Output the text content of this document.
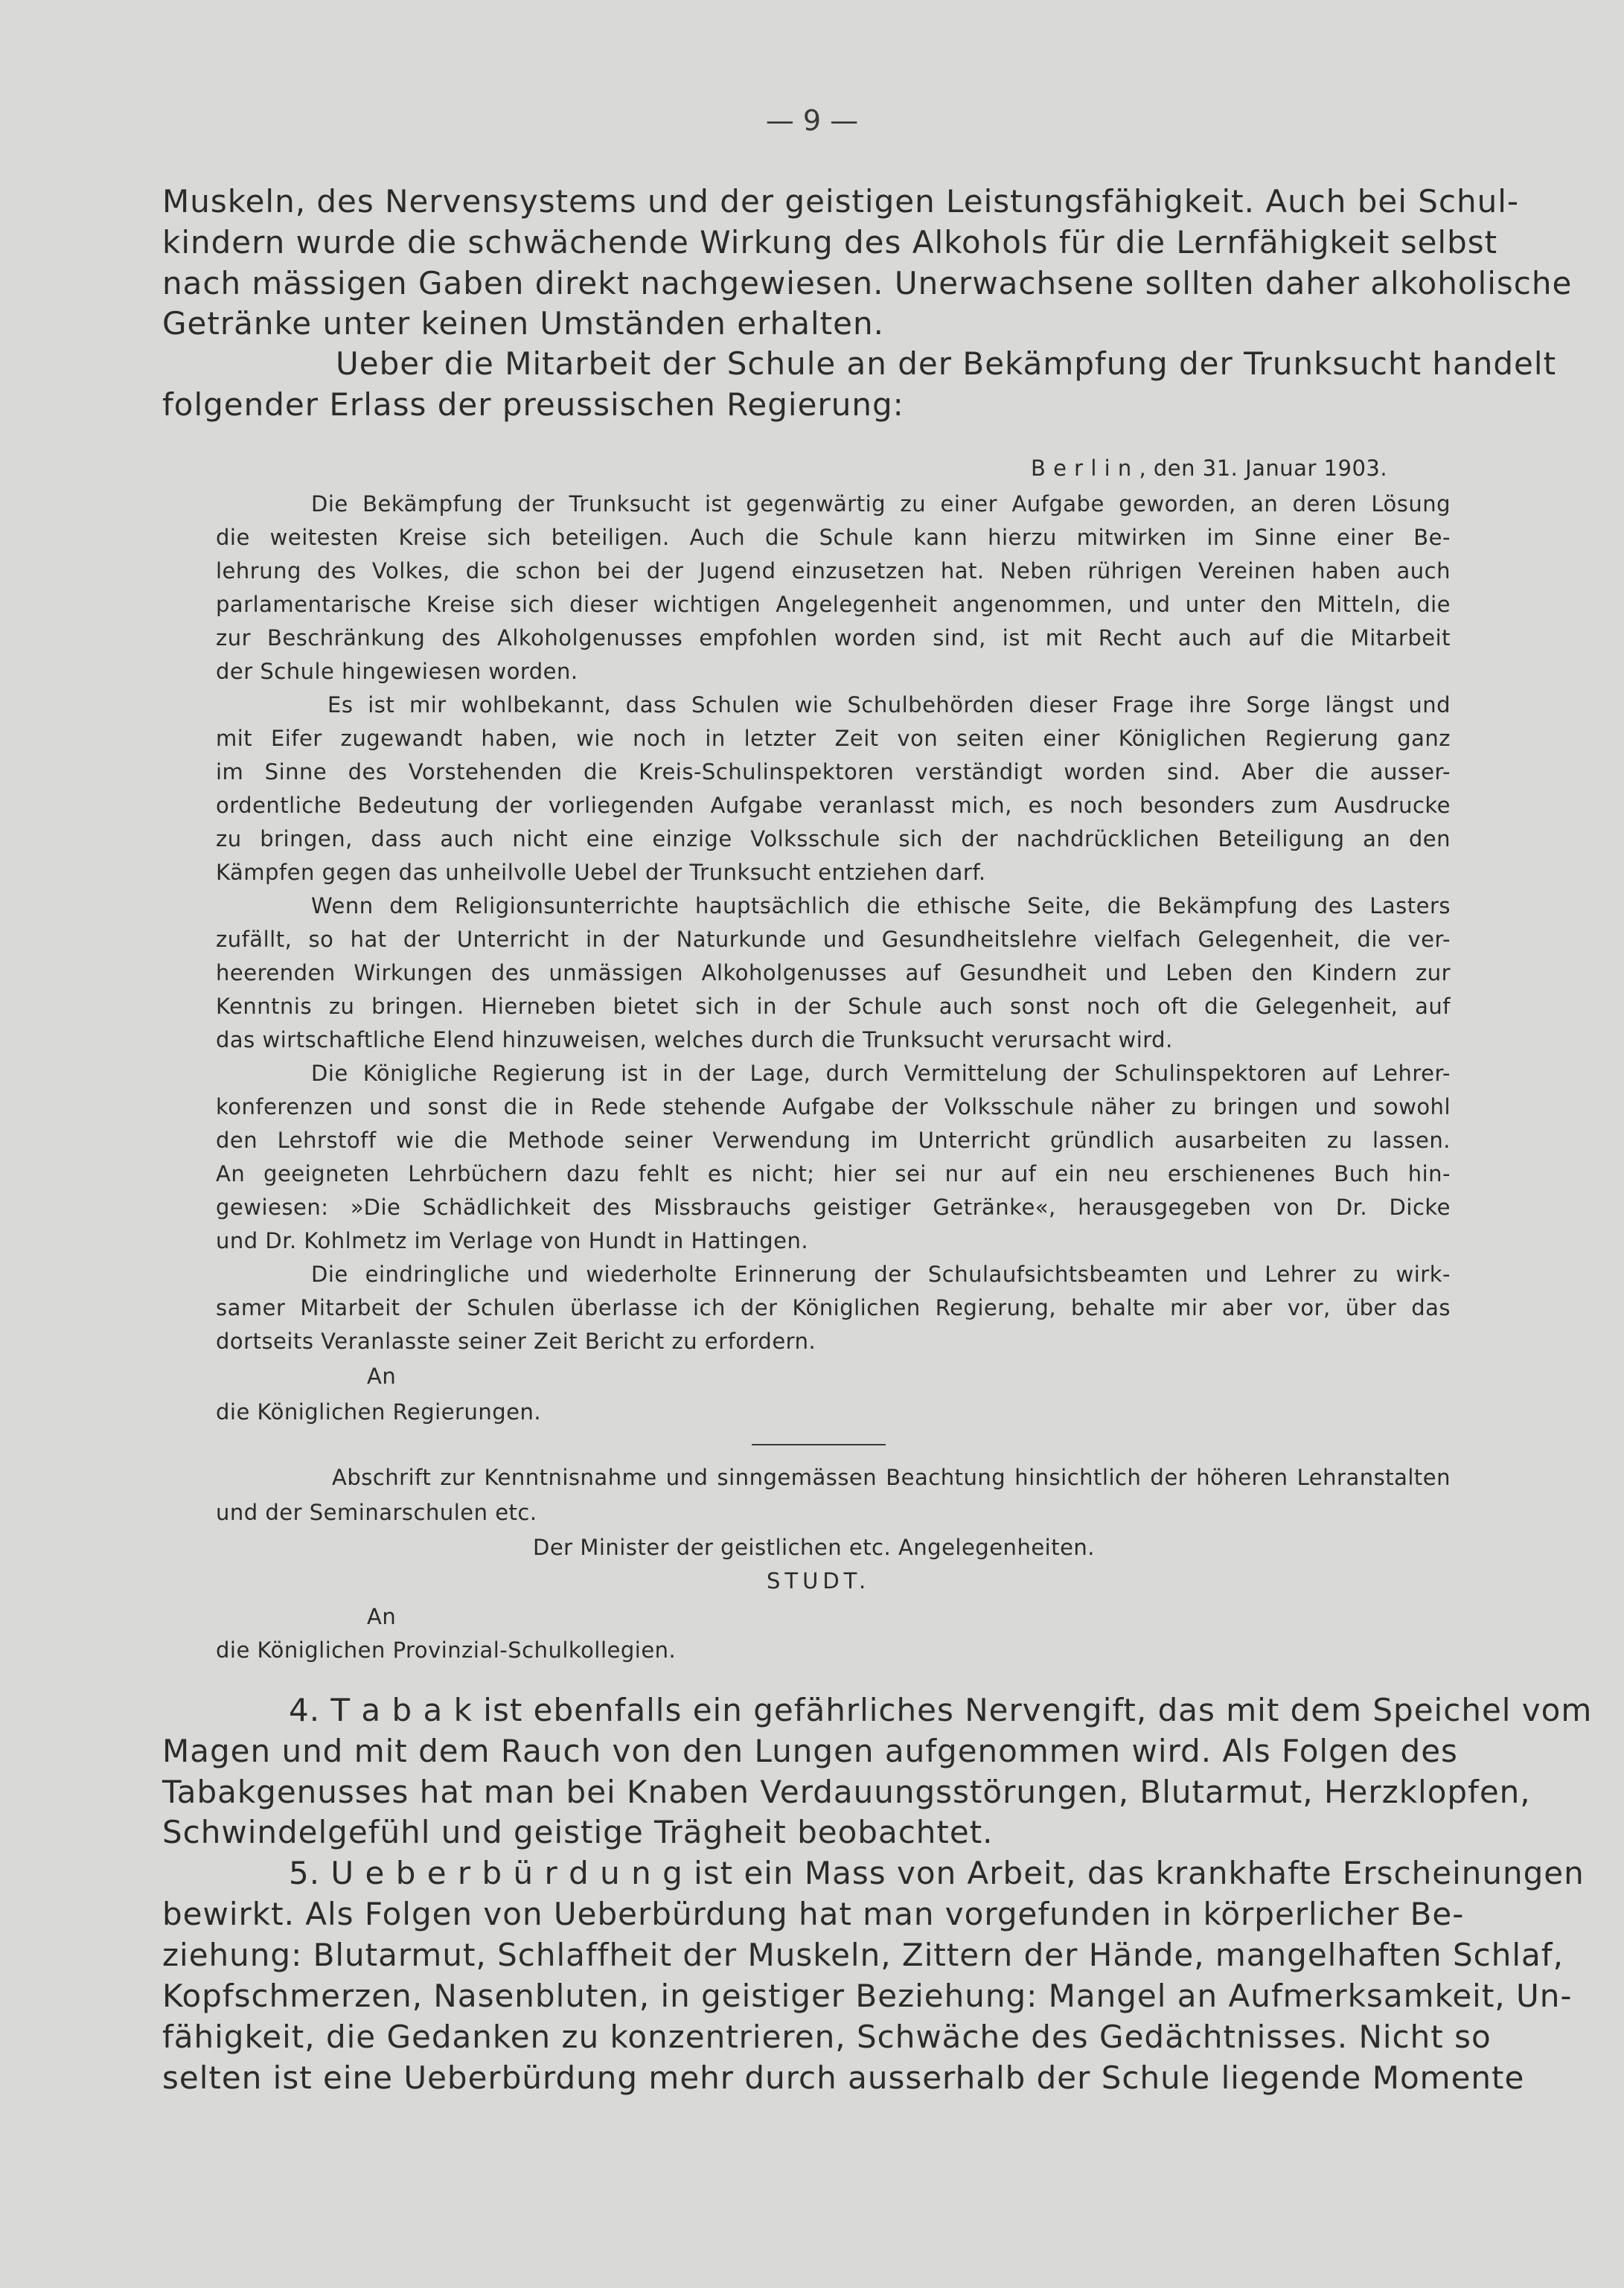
— 9 —
Muskeln, des Nervensystems und der geistigen Leistungsfähigkeit. Auch bei Schul-
kindern wurde die schwächende Wirkung des Alkohols für die Lernfähigkeit selbst
nach mässigen Gaben direkt nachgewiesen. Unerwachsene sollten daher alkoholische
Getränke unter keinen Umständen erhalten.
Ueber die Mitarbeit der Schule an der Bekämpfung der Trunksucht handelt
folgender Erlass der preussischen Regierung:
B e r l i n , den 31. Januar 1903.
Die Bekämpfung der Trunksucht ist gegenwärtig zu einer Aufgabe geworden, an deren Lösung
die weitesten Kreise sich beteiligen. Auch die Schule kann hierzu mitwirken im Sinne einer Be-
lehrung des Volkes, die schon bei der Jugend einzusetzen hat. Neben rührigen Vereinen haben auch
parlamentarische Kreise sich dieser wichtigen Angelegenheit angenommen, und unter den Mitteln, die
zur Beschränkung des Alkoholgenusses empfohlen worden sind, ist mit Recht auch auf die Mitarbeit
der Schule hingewiesen worden.
Es ist mir wohlbekannt, dass Schulen wie Schulbehörden dieser Frage ihre Sorge längst und
mit Eifer zugewandt haben, wie noch in letzter Zeit von seiten einer Königlichen Regierung ganz
im Sinne des Vorstehenden die Kreis-Schulinspektoren verständigt worden sind. Aber die ausser-
ordentliche Bedeutung der vorliegenden Aufgabe veranlasst mich, es noch besonders zum Ausdrucke
zu bringen, dass auch nicht eine einzige Volksschule sich der nachdrücklichen Beteiligung an den
Kämpfen gegen das unheilvolle Uebel der Trunksucht entziehen darf.
Wenn dem Religionsunterrichte hauptsächlich die ethische Seite, die Bekämpfung des Lasters
zufällt, so hat der Unterricht in der Naturkunde und Gesundheitslehre vielfach Gelegenheit, die ver-
heerenden Wirkungen des unmässigen Alkoholgenusses auf Gesundheit und Leben den Kindern zur
Kenntnis zu bringen. Hierneben bietet sich in der Schule auch sonst noch oft die Gelegenheit, auf
das wirtschaftliche Elend hinzuweisen, welches durch die Trunksucht verursacht wird.
Die Königliche Regierung ist in der Lage, durch Vermittelung der Schulinspektoren auf Lehrer-
konferenzen und sonst die in Rede stehende Aufgabe der Volksschule näher zu bringen und sowohl
den Lehrstoff wie die Methode seiner Verwendung im Unterricht gründlich ausarbeiten zu lassen.
An geeigneten Lehrbüchern dazu fehlt es nicht; hier sei nur auf ein neu erschienenes Buch hin-
gewiesen: »Die Schädlichkeit des Missbrauchs geistiger Getränke«, herausgegeben von Dr. Dicke
und Dr. Kohlmetz im Verlage von Hundt in Hattingen.
Die eindringliche und wiederholte Erinnerung der Schulaufsichtsbeamten und Lehrer zu wirk-
samer Mitarbeit der Schulen überlasse ich der Königlichen Regierung, behalte mir aber vor, über das
dortseits Veranlasste seiner Zeit Bericht zu erfordern.
An
die Königlichen Regierungen.
Abschrift zur Kenntnisnahme und sinngemässen Beachtung hinsichtlich der höheren Lehranstalten
und der Seminarschulen etc.
Der Minister der geistlichen etc. Angelegenheiten.
STUDT.
An
die Königlichen Provinzial-Schulkollegien.
4. T a b a k ist ebenfalls ein gefährliches Nervengift, das mit dem Speichel vom
Magen und mit dem Rauch von den Lungen aufgenommen wird. Als Folgen des
Tabakgenusses hat man bei Knaben Verdauungsstörungen, Blutarmut, Herzklopfen,
Schwindelgefühl und geistige Trägheit beobachtet.
5. U e b e r b ü r d u n g ist ein Mass von Arbeit, das krankhafte Erscheinungen
bewirkt. Als Folgen von Ueberbürdung hat man vorgefunden in körperlicher Be-
ziehung: Blutarmut, Schlaffheit der Muskeln, Zittern der Hände, mangelhaften Schlaf,
Kopfschmerzen, Nasenbluten, in geistiger Beziehung: Mangel an Aufmerksamkeit, Un-
fähigkeit, die Gedanken zu konzentrieren, Schwäche des Gedächtnisses. Nicht so
selten ist eine Ueberbürdung mehr durch ausserhalb der Schule liegende Momente
